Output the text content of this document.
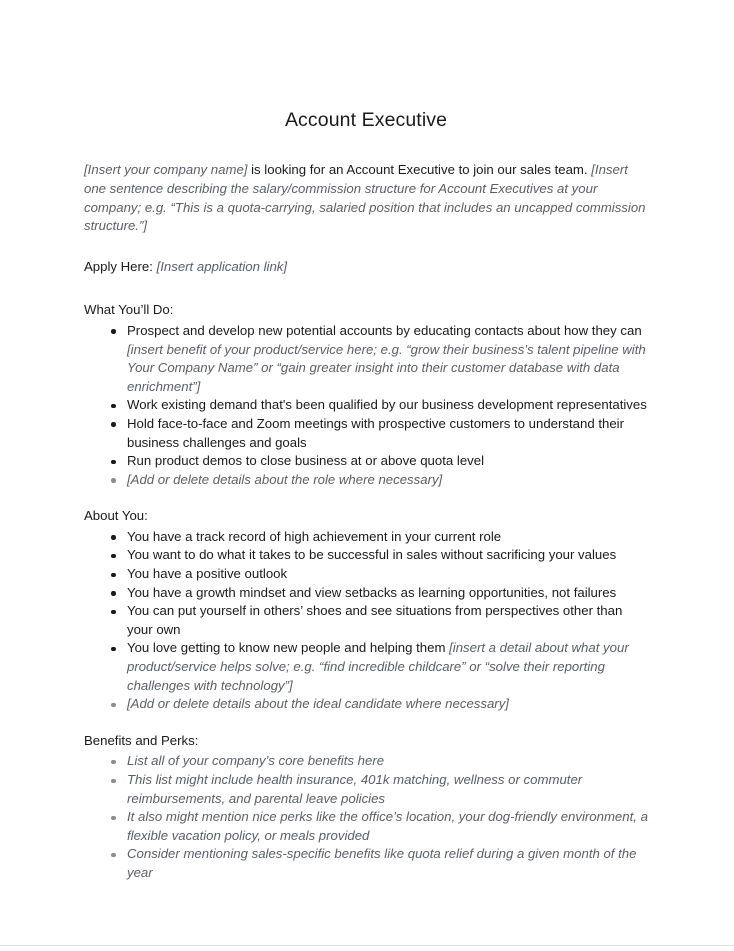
Account Executive

[Insert your company name] is looking for an Account Executive to join our sales team. [Insert one sentence describing the salary/commission structure for Account Executives at your company; e.g. “This is a quota-carrying, salaried position that includes an uncapped commission structure.”]

Apply Here: [Insert application link]

What You’ll Do:
Prospect and develop new potential accounts by educating contacts about how they can [insert benefit of your product/service here; e.g. “grow their business’s talent pipeline with Your Company Name” or “gain greater insight into their customer database with data enrichment”]
Work existing demand that's been qualified by our business development representatives
Hold face-to-face and Zoom meetings with prospective customers to understand their business challenges and goals
Run product demos to close business at or above quota level
[Add or delete details about the role where necessary]
About You:
You have a track record of high achievement in your current role
You want to do what it takes to be successful in sales without sacrificing your values
You have a positive outlook
You have a growth mindset and view setbacks as learning opportunities, not failures
You can put yourself in others’ shoes and see situations from perspectives other than your own
You love getting to know new people and helping them [insert a detail about what your product/service helps solve; e.g. “find incredible childcare” or “solve their reporting challenges with technology”]
[Add or delete details about the ideal candidate where necessary]
Benefits and Perks:
List all of your company’s core benefits here
This list might include health insurance, 401k matching, wellness or commuter reimbursements, and parental leave policies
It also might mention nice perks like the office’s location, your dog-friendly environment, a flexible vacation policy, or meals provided
Consider mentioning sales-specific benefits like quota relief during a given month of the year
